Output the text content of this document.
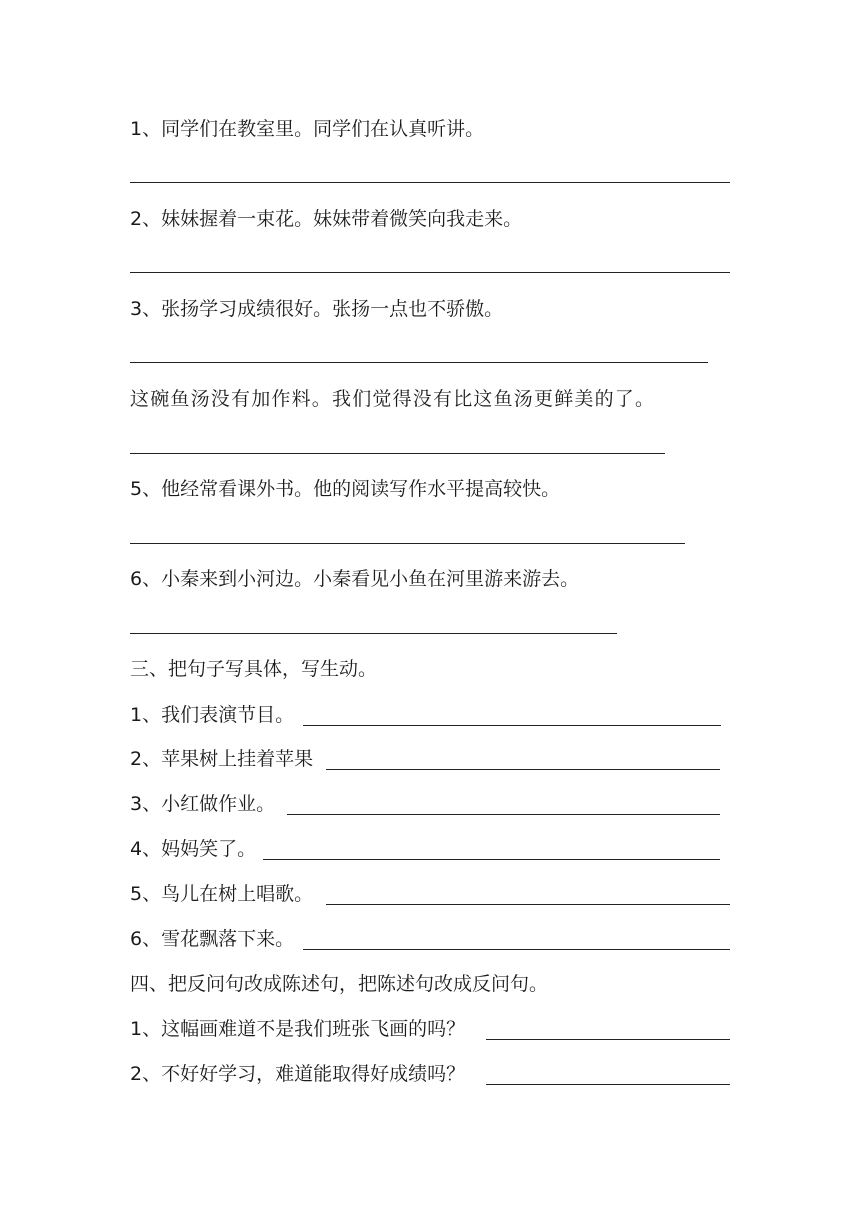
1、同学们在教室里。同学们在认真听讲。
2、妹妹握着一束花。妹妹带着微笑向我走来。
3、张扬学习成绩很好。张扬一点也不骄傲。
这碗鱼汤没有加作料。我们觉得没有比这鱼汤更鲜美的了。
5、他经常看课外书。他的阅读写作水平提高较快。
6、小秦来到小河边。小秦看见小鱼在河里游来游去。
三、把句子写具体，写生动。
1、我们表演节目。
2、苹果树上挂着苹果
3、小红做作业。
4、妈妈笑了。
5、鸟儿在树上唱歌。
6、雪花飘落下来。
四、把反问句改成陈述句，把陈述句改成反问句。
1、这幅画难道不是我们班张飞画的吗？
2、不好好学习，难道能取得好成绩吗？
